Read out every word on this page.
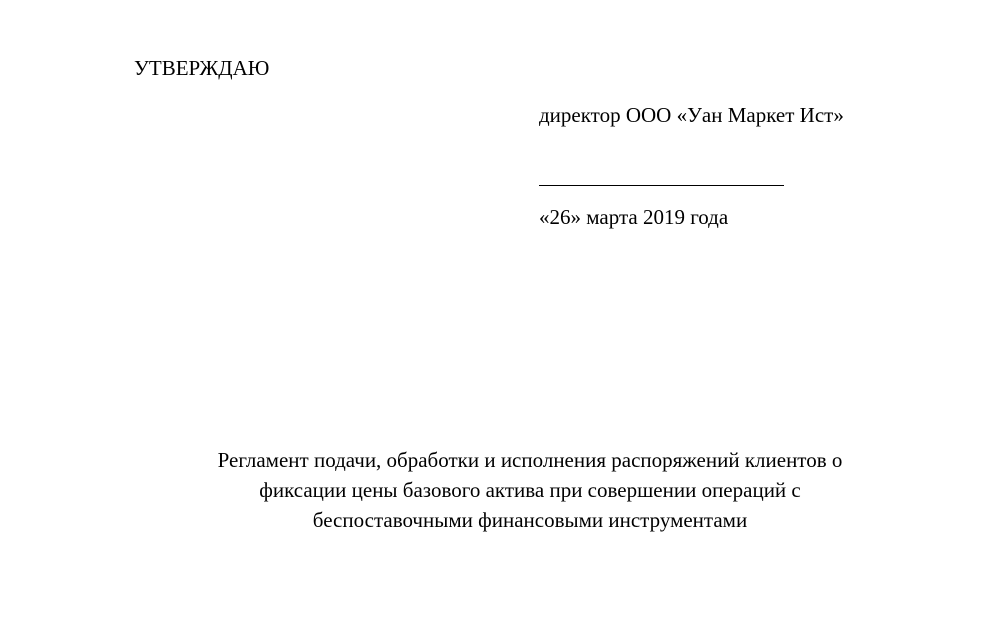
УТВЕРЖДАЮ
директор ООО «Уан Маркет Ист»
«26» марта 2019 года
Регламент подачи, обработки и исполнения распоряжений клиентов о
фиксации цены базового актива при совершении операций с
беспоставочными финансовыми инструментами
